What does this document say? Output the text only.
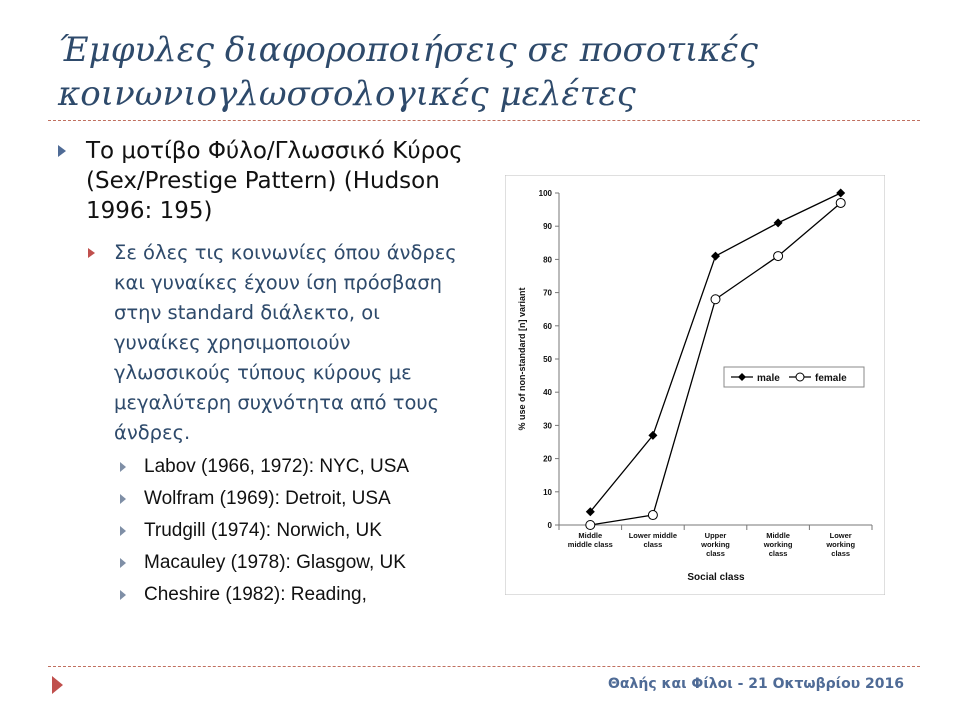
Έμφυλες διαφοροποιήσεις σε ποσοτικές
κοινωνιογλωσσολογικές μελέτες
Το μοτίβο Φύλο/Γλωσσικό Κύρος (Sex/Prestige Pattern) (Hudson 1996: 195)
Σε όλες τις κοινωνίες όπου άνδρες και γυναίκες έχουν ίση πρόσβαση στην standard διάλεκτο, οι γυναίκες χρησιμοποιούν γλωσσικούς τύπους κύρους με μεγαλύτερη συχνότητα από τους άνδρες.
Labov (1966, 1972): NYC, USA
Wolfram (1969): Detroit, USA
Trudgill (1974): Norwich, UK
Macauley (1978): Glasgow, UK
Cheshire (1982): Reading,
0
10
20
30
40
50
60
70
80
90
100
Middle middle class
Lower middle class
Upper working class
Middle working class
Lower working class
% use of non-standard [n] variant
Social class
male	female
Θαλής και Φίλοι - 21 Οκτωβρίου 2016
